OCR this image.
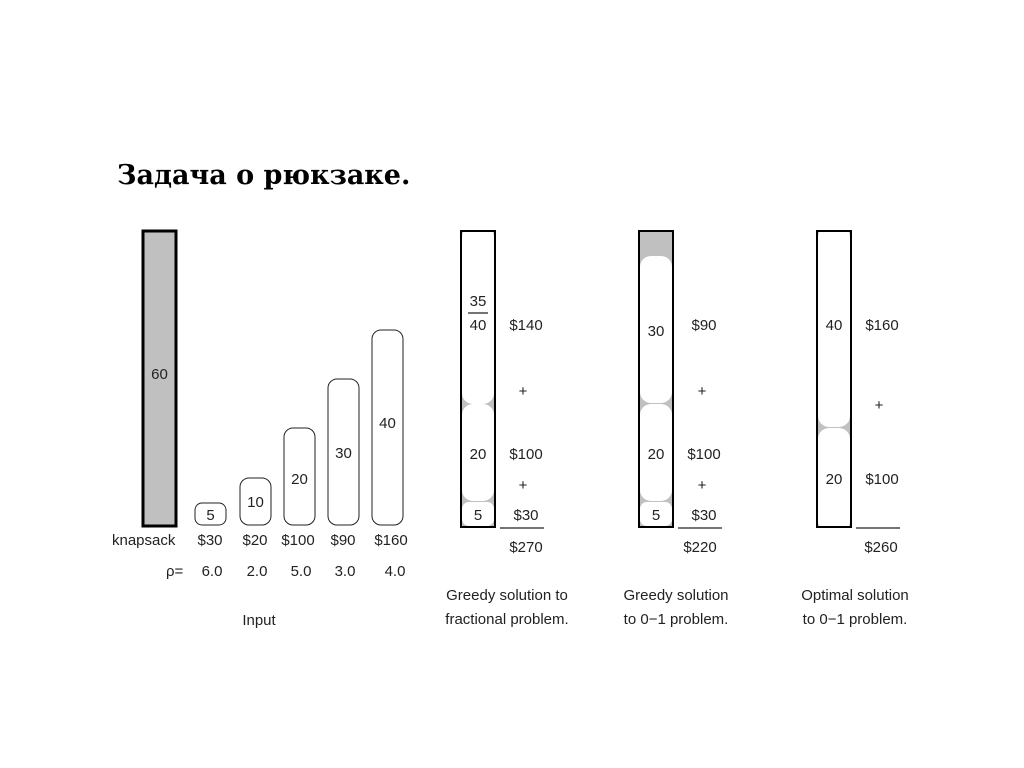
Задача о рюкзаке.
60
5
10
20
30
40
knapsack $30 $20 $100 $90 $160
ρ= 6.0 2.0 5.0 3.0 4.0
Input
35
40
20
5
$140
+
$100
+
$30
$270
Greedy solution to
fractional problem.
30
20
5
$90
+
$100
+
$30
$220
Greedy solution
to 0−1 problem.
40
20
$160
+
$100
$260
Optimal solution
to 0−1 problem.
